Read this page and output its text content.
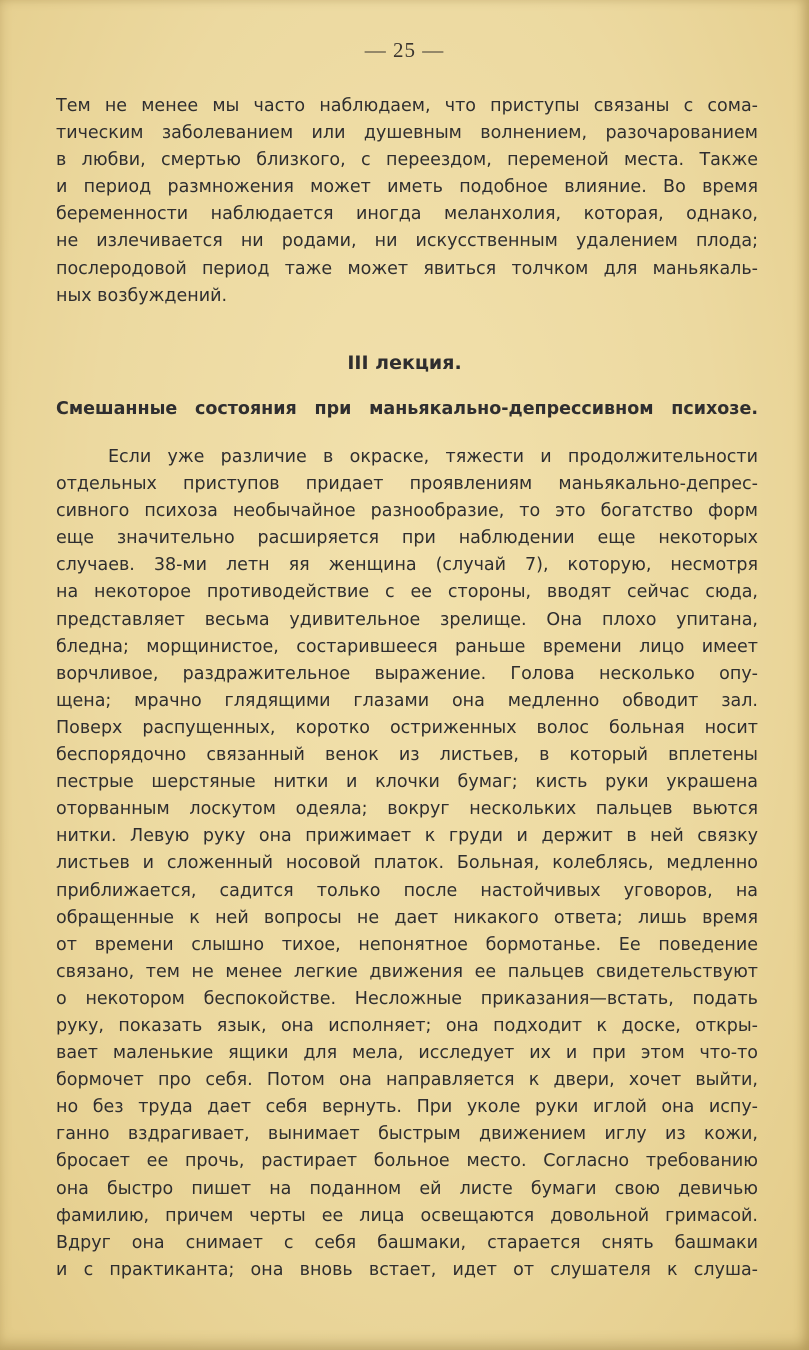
— 25 —
Тем не менее мы часто наблюдаем, что приступы связаны с сома-
тическим заболеванием или душевным волнением, разочарованием
в любви, смертью близкого, с переездом, переменой места. Также
и период размножения может иметь подобное влияние. Во время
беременности наблюдается иногда меланхолия, которая, однако,
не излечивается ни родами, ни искусственным удалением плода;
послеродовой период таже может явиться толчком для маньякаль-
ных возбуждений.
III лекция.
Смешанные состояния при маньякально-депрессивном психозе.
Если уже различие в окраске, тяжести и продолжительности
отдельных приступов придает проявлениям маньякально-депрес-
сивного психоза необычайное разнообразие, то это богатство форм
еще значительно расширяется при наблюдении еще некоторых
случаев. 38-ми летн яя женщина (случай 7), которую, несмотря
на некоторое противодействие с ее стороны, вводят сейчас сюда,
представляет весьма удивительное зрелище. Она плохо упитана,
бледна; морщинистое, состарившееся раньше времени лицо имеет
ворчливое, раздражительное выражение. Голова несколько опу-
щена; мрачно глядящими глазами она медленно обводит зал.
Поверх распущенных, коротко остриженных волос больная носит
беспорядочно связанный венок из листьев, в который вплетены
пестрые шерстяные нитки и клочки бумаг; кисть руки украшена
оторванным лоскутом одеяла; вокруг нескольких пальцев вьются
нитки. Левую руку она прижимает к груди и держит в ней связку
листьев и сложенный носовой платок. Больная, колеблясь, медленно
приближается, садится только после настойчивых уговоров, на
обращенные к ней вопросы не дает никакого ответа; лишь время
от времени слышно тихое, непонятное бормотанье. Ее поведение
связано, тем не менее легкие движения ее пальцев свидетельствуют
о некотором беспокойстве. Несложные приказания—встать, подать
руку, показать язык, она исполняет; она подходит к доске, откры-
вает маленькие ящики для мела, исследует их и при этом что-то
бормочет про себя. Потом она направляется к двери, хочет выйти,
но без труда дает себя вернуть. При уколе руки иглой она испу-
ганно вздрагивает, вынимает быстрым движением иглу из кожи,
бросает ее прочь, растирает больное место. Согласно требованию
она быстро пишет на поданном ей листе бумаги свою девичью
фамилию, причем черты ее лица освещаются довольной гримасой.
Вдруг она снимает с себя башмаки, старается снять башмаки
и с практиканта; она вновь встает, идет от слушателя к слуша-
